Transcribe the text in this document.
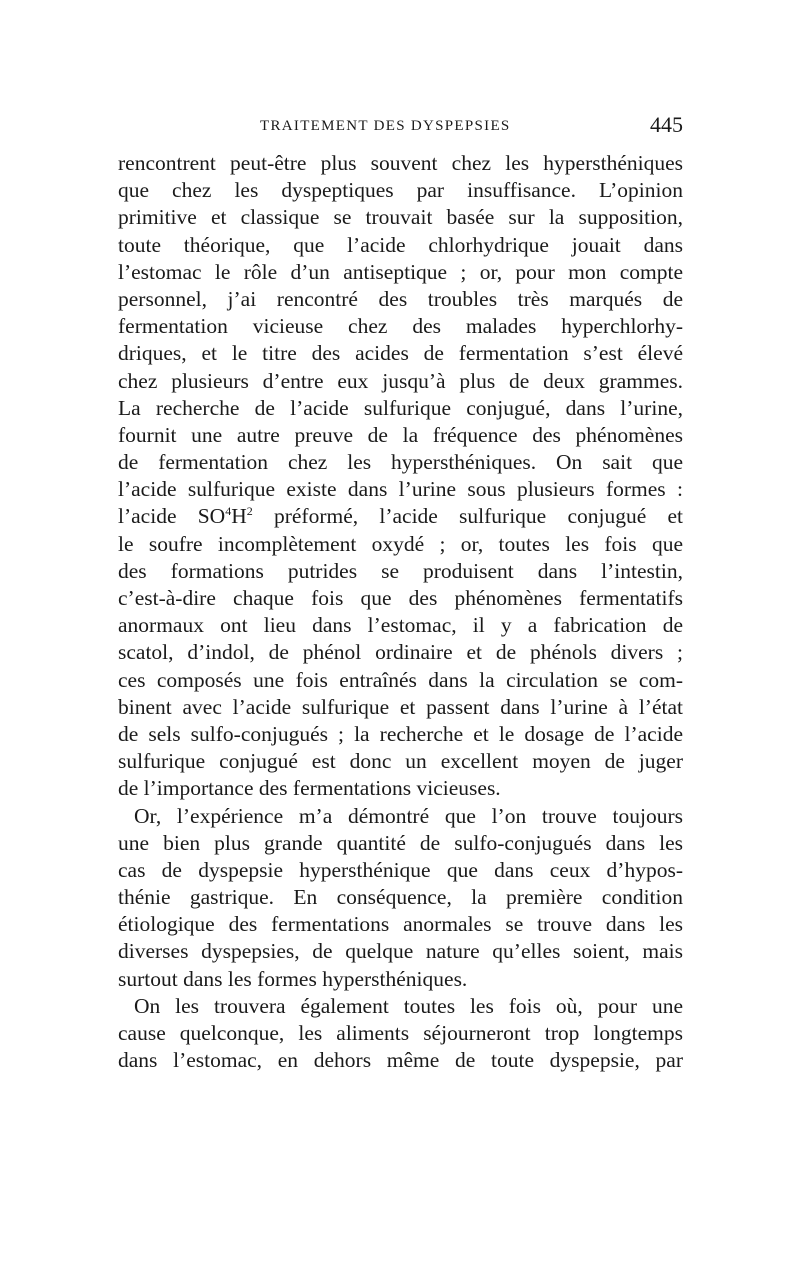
TRAITEMENT DES DYSPEPSIES	445
rencontrent peut-être plus souvent chez les hypersthéniques
que chez les dyspeptiques par insuffisance. L’opinion
primitive et classique se trouvait basée sur la supposition,
toute théorique, que l’acide chlorhydrique jouait dans
l’estomac le rôle d’un antiseptique ; or, pour mon compte
personnel, j’ai rencontré des troubles très marqués de
fermentation vicieuse chez des malades hyperchlorhy-
driques, et le titre des acides de fermentation s’est élevé
chez plusieurs d’entre eux jusqu’à plus de deux grammes.
La recherche de l’acide sulfurique conjugué, dans l’urine,
fournit une autre preuve de la fréquence des phénomènes
de fermentation chez les hypersthéniques. On sait que
l’acide sulfurique existe dans l’urine sous plusieurs formes :
l’acide $SO^4H^2$ préformé, l’acide sulfurique conjugué et
le soufre incomplètement oxydé ; or, toutes les fois que
des formations putrides se produisent dans l’intestin,
c’est-à-dire chaque fois que des phénomènes fermentatifs
anormaux ont lieu dans l’estomac, il y a fabrication de
scatol, d’indol, de phénol ordinaire et de phénols divers ;
ces composés une fois entraînés dans la circulation se com-
binent avec l’acide sulfurique et passent dans l’urine à l’état
de sels sulfo-conjugués ; la recherche et le dosage de l’acide
sulfurique conjugué est donc un excellent moyen de juger
de l’importance des fermentations vicieuses.
Or, l’expérience m’a démontré que l’on trouve toujours
une bien plus grande quantité de sulfo-conjugués dans les
cas de dyspepsie hypersthénique que dans ceux d’hypos-
thénie gastrique. En conséquence, la première condition
étiologique des fermentations anormales se trouve dans les
diverses dyspepsies, de quelque nature qu’elles soient, mais
surtout dans les formes hypersthéniques.
On les trouvera également toutes les fois où, pour une
cause quelconque, les aliments séjourneront trop longtemps
dans l’estomac, en dehors même de toute dyspepsie, par
